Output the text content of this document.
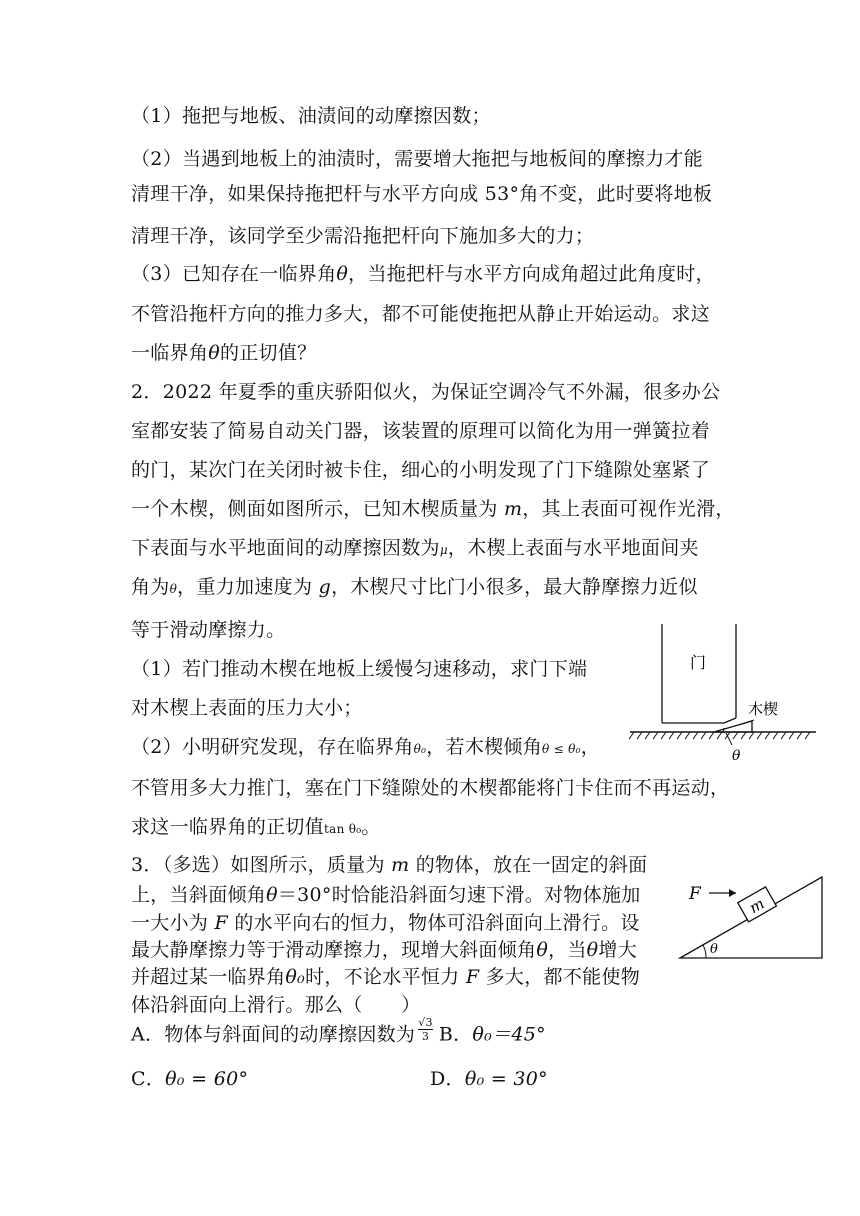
（1）拖把与地板、油渍间的动摩擦因数；
（2）当遇到地板上的油渍时，需要增大拖把与地板间的摩擦力才能
清理干净，如果保持拖把杆与水平方向成 53°角不变，此时要将地板
清理干净，该同学至少需沿拖把杆向下施加多大的力；
（3）已知存在一临界角θ，当拖把杆与水平方向成角超过此角度时，
不管沿拖杆方向的推力多大，都不可能使拖把从静止开始运动。求这
一临界角θ的正切值？
2．2022 年夏季的重庆骄阳似火，为保证空调冷气不外漏，很多办公
室都安装了简易自动关门器，该装置的原理可以简化为用一弹簧拉着
的门，某次门在关闭时被卡住，细心的小明发现了门下缝隙处塞紧了
一个木楔，侧面如图所示，已知木楔质量为 m，其上表面可视作光滑，
下表面与水平地面间的动摩擦因数为μ，木楔上表面与水平地面间夹
角为θ，重力加速度为 g，木楔尺寸比门小很多，最大静摩擦力近似
等于滑动摩擦力。
（1）若门推动木楔在地板上缓慢匀速移动，求门下端
对木楔上表面的压力大小；
（2）小明研究发现，存在临界角θ₀，若木楔倾角θ ≤ θ₀，
不管用多大力推门，塞在门下缝隙处的木楔都能将门卡住而不再运动，
求这一临界角的正切值tan θ₀。
门
木楔
θ
3．（多选）如图所示，质量为 m 的物体，放在一固定的斜面
上，当斜面倾角θ＝30°时恰能沿斜面匀速下滑。对物体施加
一大小为 F 的水平向右的恒力，物体可沿斜面向上滑行。设
最大静摩擦力等于滑动摩擦力，现增大斜面倾角θ，当θ增大
并超过某一临界角θ₀时，不论水平恒力 F 多大，都不能使物
体沿斜面向上滑行。那么（　　）
A．物体与斜面间的动摩擦因数为 $\frac{√3}{3}$ B．θ₀＝45°
C．θ₀ = 60°	D．θ₀ = 30°
m
F
θ
